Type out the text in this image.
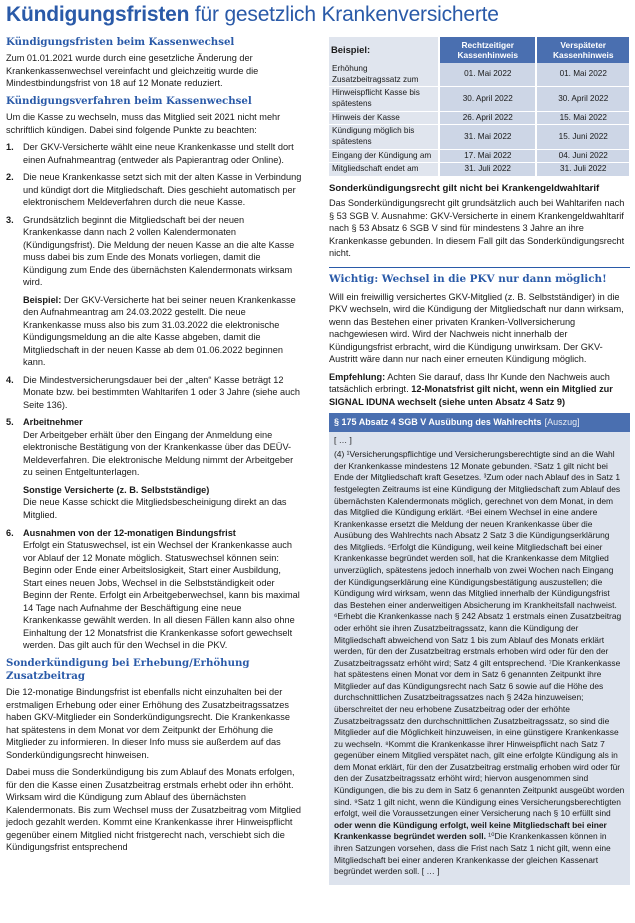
Kündigungsfristen für gesetzlich Krankenversicherte
Kündigungsfristen beim Kassenwechsel

Zum 01.01.2021 wurde durch eine gesetzliche Änderung der Krankenkassenwechsel vereinfacht und gleichzeitig wurde die Mindestbindungsfrist von 18 auf 12 Monate reduziert.

Kündigungsverfahren beim Kassenwechsel

Um die Kasse zu wechseln, muss das Mitglied seit 2021 nicht mehr schriftlich kündigen. Dabei sind folgende Punkte zu beachten:

1. Der GKV-Versicherte wählt eine neue Krankenkasse und stellt dort einen Aufnahmeantrag (entweder als Papierantrag oder Online).
2. Die neue Krankenkasse setzt sich mit der alten Kasse in Verbindung und kündigt dort die Mitgliedschaft. Dies geschieht automatisch per elektronischem Meldeverfahren durch die neue Kasse.
3. Grundsätzlich beginnt die Mitgliedschaft bei der neuen Krankenkasse dann nach 2 vollen Kalendermonaten (Kündigungsfrist). Die Meldung der neuen Kasse an die alte Kasse muss dabei bis zum Ende des Monats vorliegen, damit die Kündigung zum Ende des übernächsten Kalendermonats wirksam wird.
Beispiel: Der GKV-Versicherte hat bei seiner neuen Krankenkasse den Aufnahmeantrag am 24.03.2022 gestellt. Die neue Krankenkasse muss also bis zum 31.03.2022 die elektronische Kündigungsmeldung an die alte Kasse abgeben, damit die Mitgliedschaft in der neuen Kasse ab dem 01.06.2022 beginnen kann.
4. Die Mindestversicherungsdauer bei der „alten“ Kasse beträgt 12 Monate bzw. bei bestimmten Wahltarifen 1 oder 3 Jahre (siehe auch Seite 136).
5. Arbeitnehmer
Der Arbeitgeber erhält über den Eingang der Anmeldung eine elektronische Bestätigung von der Krankenkasse über das DEÜV-Meldeverfahren. Die elektronische Meldung nimmt der Arbeitgeber zu seinen Entgeltunterlagen.
Sonstige Versicherte (z. B. Selbstständige)
Die neue Kasse schickt die Mitgliedsbescheinigung direkt an das Mitglied.
6. Ausnahmen von der 12-monatigen Bindungsfrist
Erfolgt ein Statuswechsel, ist ein Wechsel der Krankenkasse auch vor Ablauf der 12 Monate möglich. Statuswechsel können sein: Beginn oder Ende einer Arbeitslosigkeit, Start einer Ausbildung, Start eines neuen Jobs, Wechsel in die Selbstständigkeit oder Beginn der Rente. Erfolgt ein Arbeitgeberwechsel, kann bis maximal 14 Tage nach Aufnahme der Beschäftigung eine neue Krankenkasse gewählt werden. In all diesen Fällen kann also ohne Einhaltung der 12 Monatsfrist die Krankenkasse sofort gewechselt werden. Das gilt auch für den Wechsel in die PKV.
Sonderkündigung bei Erhebung/Erhöhung Zusatzbeitrag

Die 12-monatige Bindungsfrist ist ebenfalls nicht einzuhalten bei der erstmaligen Erhebung oder einer Erhöhung des Zusatzbeitragssatzes haben GKV-Mitglieder ein Sonderkündigungsrecht. Die Krankenkasse hat spätestens in dem Monat vor dem Zeitpunkt der Erhöhung die Mitglieder zu informieren. In dieser Info muss sie außerdem auf das Sonderkündigungsrecht hinweisen.

Dabei muss die Sonderkündigung bis zum Ablauf des Monats erfolgen, für den die Kasse einen Zusatzbeitrag erstmals erhebt oder ihn erhöht. Wirksam wird die Kündigung zum Ablauf des übernächsten Kalendermonats. Bis zum Wechsel muss der Zusatzbeitrag vom Mitglied jedoch gezahlt werden. Kommt eine Krankenkasse ihrer Hinweispflicht gegenüber einem Mitglied nicht fristgerecht nach, verschiebt sich die Kündigungsfrist entsprechend

Beispiel:	Rechtzeitiger Kassenhinweis	Verspäteter Kassenhinweis
Erhöhung Zusatzbeitragssatz zum	01. Mai 2022	01. Mai 2022
Hinweispflicht Kasse bis spätestens	30. April 2022	30. April 2022
Hinweis der Kasse	26. April 2022	15. Mai 2022
Kündigung möglich bis spätestens	31. Mai 2022	15. Juni 2022
Eingang der Kündigung am	17. Mai 2022	04. Juni 2022
Mitgliedschaft endet am	31. Juli 2022	31. Juli 2022
Sonderkündigungsrecht gilt nicht bei Krankengeldwahltarif

Das Sonderkündigungsrecht gilt grundsätzlich auch bei Wahltarifen nach § 53 SGB V. Ausnahme: GKV-Versicherte in einem Krankengeldwahltarif nach § 53 Absatz 6 SGB V sind für mindestens 3 Jahre an ihre Krankenkasse gebunden. In diesem Fall gilt das Sonderkündigungsrecht nicht.

Wichtig: Wechsel in die PKV nur dann möglich!

Will ein freiwillig versichertes GKV-Mitglied (z. B. Selbstständiger) in die PKV wechseln, wird die Kündigung der Mitgliedschaft nur dann wirksam, wenn das Bestehen einer privaten Kranken-Vollversicherung nachgewiesen wird. Wird der Nachweis nicht innerhalb der Kündigungsfrist erbracht, wird die Kündigung unwirksam. Der GKV-Austritt wäre dann nur nach einer erneuten Kündigung möglich.

Empfehlung: Achten Sie darauf, dass Ihr Kunde den Nachweis auch tatsächlich erbringt. 12-Monatsfrist gilt nicht, wenn ein Mitglied zur SIGNAL IDUNA wechselt (siehe unten Absatz 4 Satz 9)

§ 175 Absatz 4 SGB V Ausübung des Wahlrechts [Auszug]

[ … ]

(4) ¹Versicherungspflichtige und Versicherungsberechtigte sind an die Wahl der Krankenkasse mindestens 12 Monate gebunden. ²Satz 1 gilt nicht bei Ende der Mitgliedschaft kraft Gesetzes. ³Zum oder nach Ablauf des in Satz 1 festgelegten Zeitraums ist eine Kündigung der Mitgliedschaft zum Ablauf des übernächsten Kalendermonats möglich, gerechnet von dem Monat, in dem das Mitglied die Kündigung erklärt. ⁴Bei einem Wechsel in eine andere Krankenkasse ersetzt die Meldung der neuen Krankenkasse über die Ausübung des Wahlrechts nach Absatz 2 Satz 3 die Kündigungserklärung des Mitglieds. ⁵Erfolgt die Kündigung, weil keine Mitgliedschaft bei einer Krankenkasse begründet werden soll, hat die Krankenkasse dem Mitglied unverzüglich, spätestens jedoch innerhalb von zwei Wochen nach Eingang der Kündigungserklärung eine Kündigungsbestätigung auszustellen; die Kündigung wird wirksam, wenn das Mitglied innerhalb der Kündigungsfrist das Bestehen einer anderweitigen Absicherung im Krankheitsfall nachweist. ⁶Erhebt die Krankenkasse nach § 242 Absatz 1 erstmals einen Zusatzbeitrag oder erhöht sie ihren Zusatzbeitragssatz, kann die Kündigung der Mitgliedschaft abweichend von Satz 1 bis zum Ablauf des Monats erklärt werden, für den der Zusatzbeitrag erstmals erhoben wird oder für den der Zusatzbeitragssatz erhöht wird; Satz 4 gilt entsprechend. ⁷Die Krankenkasse hat spätestens einen Monat vor dem in Satz 6 genannten Zeitpunkt ihre Mitglieder auf das Kündigungsrecht nach Satz 6 sowie auf die Höhe des durchschnittlichen Zusatzbeitragssatzes nach § 242a hinzuweisen; überschreitet der neu erhobene Zusatzbeitrag oder der erhöhte Zusatzbeitragssatz den durchschnittlichen Zusatzbeitragssatz, so sind die Mitglieder auf die Möglichkeit hinzuweisen, in eine günstigere Krankenkasse zu wechseln. ⁸Kommt die Krankenkasse ihrer Hinweispflicht nach Satz 7 gegenüber einem Mitglied verspätet nach, gilt eine erfolgte Kündigung als in dem Monat erklärt, für den der Zusatzbeitrag erstmalig erhoben wird oder für den der Zusatzbeitragssatz erhöht wird; hiervon ausgenommen sind Kündigungen, die bis zu dem in Satz 6 genannten Zeitpunkt ausgeübt worden sind. ⁹Satz 1 gilt nicht, wenn die Kündigung eines Versicherungsberechtigten erfolgt, weil die Voraussetzungen einer Versicherung nach § 10 erfüllt sind oder wenn die Kündigung erfolgt, weil keine Mitgliedschaft bei einer Krankenkasse begründet werden soll. ¹⁰Die Krankenkassen können in ihren Satzungen vorsehen, dass die Frist nach Satz 1 nicht gilt, wenn eine Mitgliedschaft bei einer anderen Krankenkasse der gleichen Kassenart begründet werden soll. [ … ]
